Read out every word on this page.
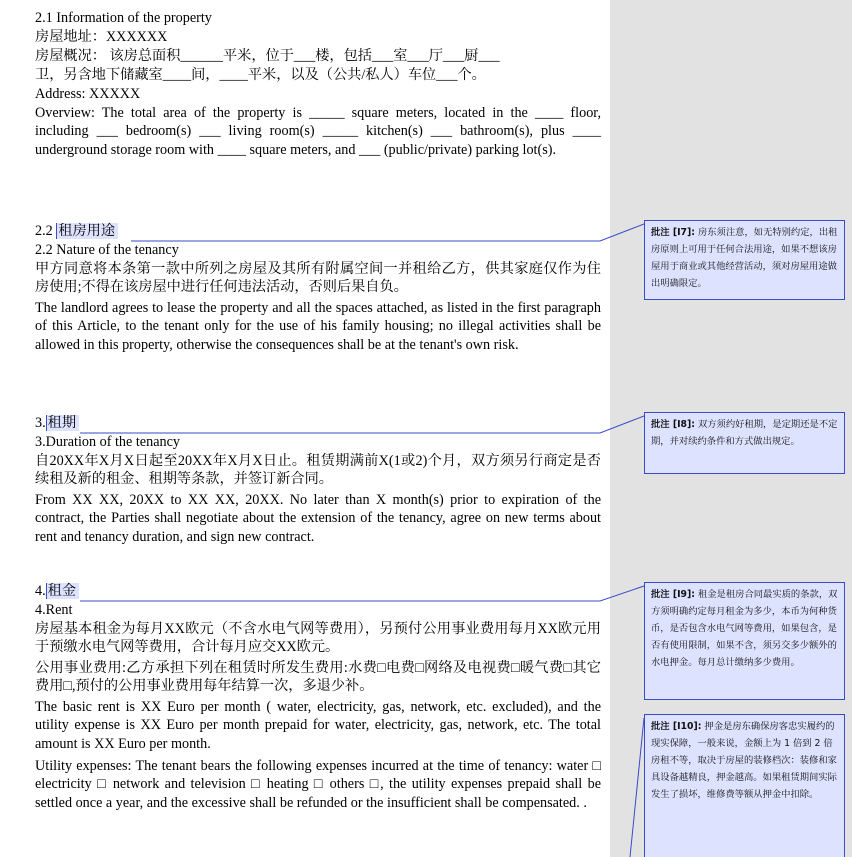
2.1 Information of the property

房屋地址：XXXXXX

房屋概况： 该房总面积______平米，位于___楼，包括___室___厅___厨___

卫，另含地下储藏室____间，____平米，以及（公共/私人）车位___个。

Address: XXXXX

Overview: The total area of the property is _____ square meters, located in the ____ floor, including ___ bedroom(s) ___ living room(s) _____ kitchen(s) ___ bathroom(s), plus ____ underground storage room with ____ square meters, and ___ (public/private) parking lot(s).

2.2 租房用途

2.2 Nature of the tenancy

甲方同意将本条第一款中所列之房屋及其所有附属空间一并租给乙方，供其家庭仅作为住房使用;不得在该房屋中进行任何违法活动，否则后果自负。

The landlord agrees to lease the property and all the spaces attached, as listed in the first paragraph of this Article, to the tenant only for the use of his family housing; no illegal activities shall be allowed in this property, otherwise the consequences shall be at the tenant's own risk.

3. 租期

3.Duration of the tenancy

自20XX年X月X日起至20XX年X月X日止。租赁期满前X(1或2)个月，双方须另行商定是否续租及新的租金、租期等条款，并签订新合同。

From XX XX, 20XX to XX XX, 20XX. No later than X month(s) prior to expiration of the contract, the Parties shall negotiate about the extension of the tenancy, agree on new terms about rent and tenancy duration, and sign new contract.

4. 租金

4.Rent

房屋基本租金为每月XX欧元（不含水电气网等费用），另预付公用事业费用每月XX欧元用于预缴水电气网等费用，合计每月应交XX欧元。

公用事业费用:乙方承担下列在租赁时所发生费用:水费□电费□网络及电视费□暖气费□其它费用□,预付的公用事业费用每年结算一次，多退少补。

The basic rent is XX Euro per month ( water, electricity, gas, network, etc. excluded), and the utility expense is XX Euro per month prepaid for water, electricity, gas, network, etc. The total amount is XX Euro per month.

Utility expenses: The tenant bears the following expenses incurred at the time of tenancy: water □ electricity □ network and television □ heating □ others □, the utility expenses prepaid shall be settled once a year, and the excessive shall be refunded or the insufficient shall be compensated. .

批注 [I7]: 房东须注意，如无特别约定，出租房原则上可用于任何合法用途，如果不想该房屋用于商业或其他经营活动，须对房屋用途做出明确限定。
批注 [I8]: 双方须约好租期，是定期还是不定期，并对续约条件和方式做出规定。
批注 [I9]: 租金是租房合同最实质的条款，双方须明确约定每月租金为多少，本币为何种货币，是否包含水电气网等费用，如果包含，是否有使用限制，如果不含，须另交多少额外的水电押金。每月总计缴纳多少费用。
批注 [I10]: 押金是房东确保房客忠实履约的现实保障，一般来说，金额上为 1 倍到 2 倍房租不等，取决于房屋的装修档次：装修和家具设备越精良，押金越高。如果租赁期间实际发生了损坏，维修费等额从押金中扣除。
